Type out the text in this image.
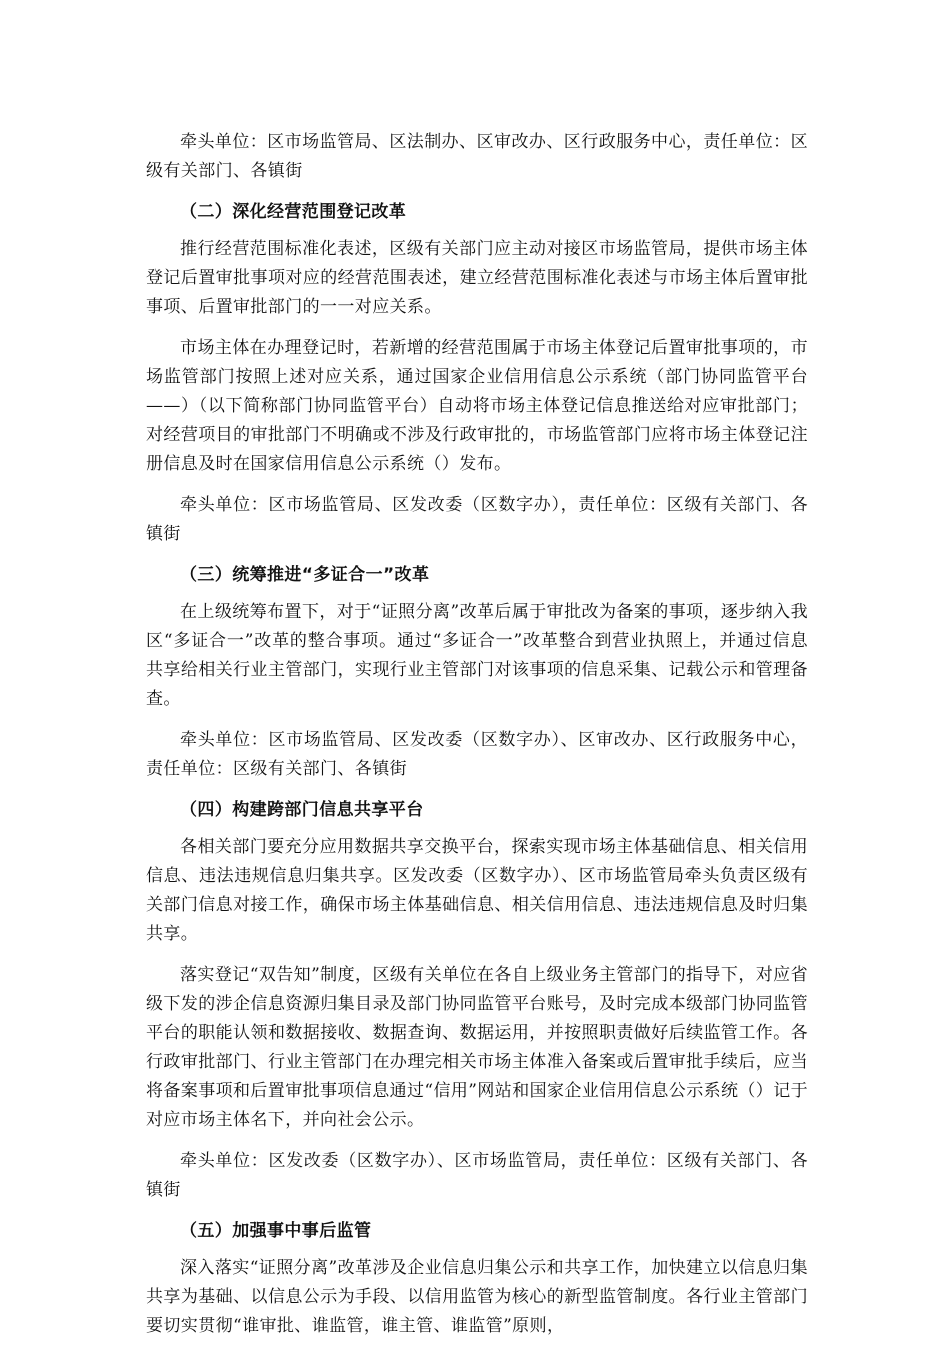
牵头单位：区市场监管局、区法制办、区审改办、区行政服务中心，责任单位：区级有关部门、各镇街

（二）深化经营范围登记改革

推行经营范围标准化表述，区级有关部门应主动对接区市场监管局，提供市场主体登记后置审批事项对应的经营范围表述，建立经营范围标准化表述与市场主体后置审批事项、后置审批部门的一一对应关系。

市场主体在办理登记时，若新增的经营范围属于市场主体登记后置审批事项的，市场监管部门按照上述对应关系，通过国家企业信用信息公示系统（部门协同监管平台——）（以下简称部门协同监管平台）自动将市场主体登记信息推送给对应审批部门；对经营项目的审批部门不明确或不涉及行政审批的，市场监管部门应将市场主体登记注册信息及时在国家信用信息公示系统（）发布。

牵头单位：区市场监管局、区发改委（区数字办），责任单位：区级有关部门、各镇街

（三）统筹推进“多证合一”改革

在上级统筹布置下，对于“证照分离”改革后属于审批改为备案的事项，逐步纳入我区“多证合一”改革的整合事项。通过“多证合一”改革整合到营业执照上，并通过信息共享给相关行业主管部门，实现行业主管部门对该事项的信息采集、记载公示和管理备查。

牵头单位：区市场监管局、区发改委（区数字办）、区审改办、区行政服务中心，责任单位：区级有关部门、各镇街

（四）构建跨部门信息共享平台

各相关部门要充分应用数据共享交换平台，探索实现市场主体基础信息、相关信用信息、违法违规信息归集共享。区发改委（区数字办）、区市场监管局牵头负责区级有关部门信息对接工作，确保市场主体基础信息、相关信用信息、违法违规信息及时归集共享。

落实登记“双告知”制度，区级有关单位在各自上级业务主管部门的指导下，对应省级下发的涉企信息资源归集目录及部门协同监管平台账号，及时完成本级部门协同监管平台的职能认领和数据接收、数据查询、数据运用，并按照职责做好后续监管工作。各行政审批部门、行业主管部门在办理完相关市场主体准入备案或后置审批手续后，应当将备案事项和后置审批事项信息通过“信用”网站和国家企业信用信息公示系统（）记于对应市场主体名下，并向社会公示。

牵头单位：区发改委（区数字办）、区市场监管局，责任单位：区级有关部门、各镇街

（五）加强事中事后监管

深入落实“证照分离”改革涉及企业信息归集公示和共享工作，加快建立以信息归集共享为基础、以信息公示为手段、以信用监管为核心的新型监管制度。各行业主管部门要切实贯彻“谁审批、谁监管，谁主管、谁监管”原则，
